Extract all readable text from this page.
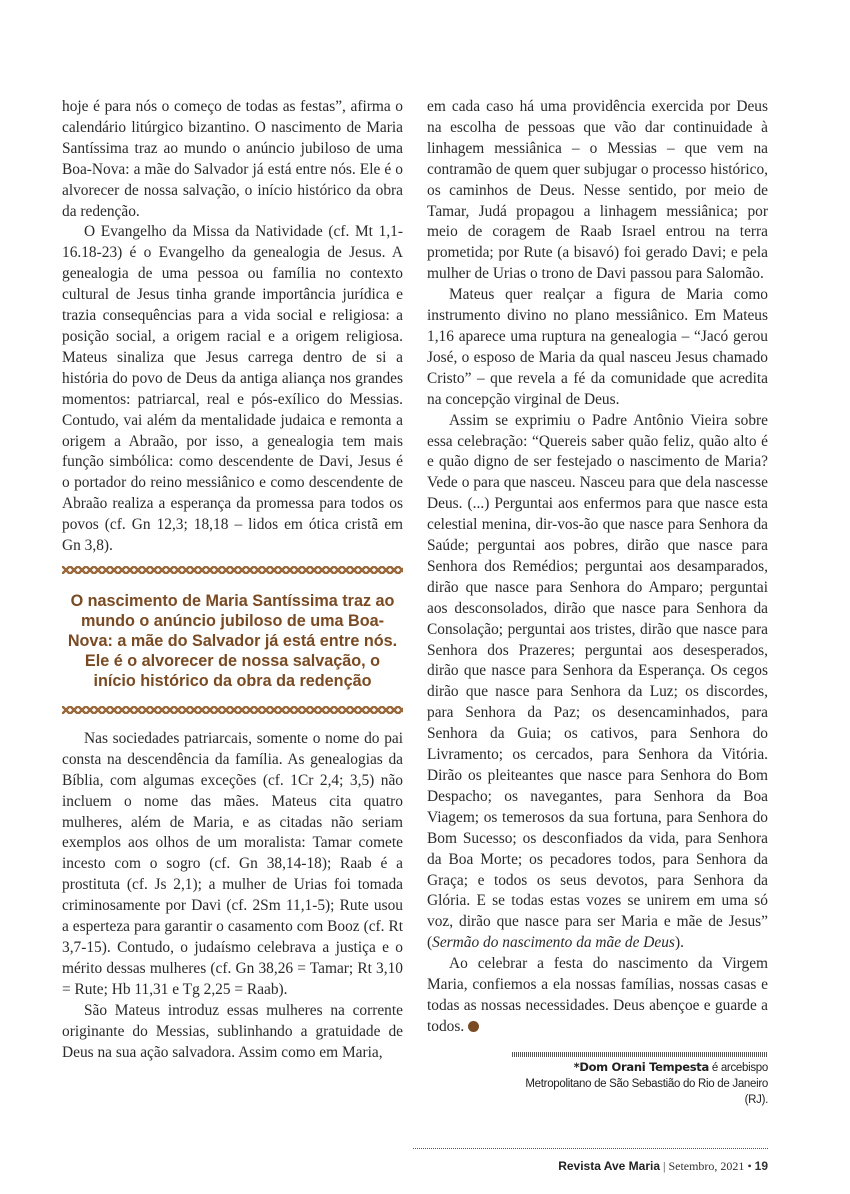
hoje é para nós o começo de todas as festas”, afirma o calendário litúrgico bizantino. O nascimento de Maria Santíssima traz ao mundo o anúncio jubiloso de uma Boa-Nova: a mãe do Salvador já está entre nós. Ele é o alvorecer de nossa salvação, o início histórico da obra da redenção.

O Evangelho da Missa da Natividade (cf. Mt 1,1-16.18-23) é o Evangelho da genealogia de Jesus. A genealogia de uma pessoa ou família no contexto cultural de Jesus tinha grande importância jurídica e trazia consequências para a vida social e religiosa: a posição social, a origem racial e a origem religiosa. Mateus sinaliza que Jesus carrega dentro de si a história do povo de Deus da antiga aliança nos grandes momentos: patriarcal, real e pós-exílico do Messias. Contudo, vai além da mentalidade judaica e remonta a origem a Abraão, por isso, a genealogia tem mais função simbólica: como descendente de Davi, Jesus é o portador do reino messiânico e como descendente de Abraão realiza a esperança da promessa para todos os povos (cf. Gn 12,3; 18,18 – lidos em ótica cristã em Gn 3,8).

O nascimento de Maria Santíssima traz ao mundo o anúncio jubiloso de uma Boa-Nova: a mãe do Salvador já está entre nós. Ele é o alvorecer de nossa salvação, o início histórico da obra da redenção

Nas sociedades patriarcais, somente o nome do pai consta na descendência da família. As genealogias da Bíblia, com algumas exceções (cf. 1Cr 2,4; 3,5) não incluem o nome das mães. Mateus cita quatro mulheres, além de Maria, e as citadas não seriam exemplos aos olhos de um moralista: Tamar comete incesto com o sogro (cf. Gn 38,14-18); Raab é a prostituta (cf. Js 2,1); a mulher de Urias foi tomada criminosamente por Davi (cf. 2Sm 11,1-5); Rute usou a esperteza para garantir o casamento com Booz (cf. Rt 3,7-15). Contudo, o judaísmo celebrava a justiça e o mérito dessas mulheres (cf. Gn 38,26 = Tamar; Rt 3,10 = Rute; Hb 11,31 e Tg 2,25 = Raab).

São Mateus introduz essas mulheres na corrente originante do Messias, sublinhando a gratuidade de Deus na sua ação salvadora. Assim como em Maria,

em cada caso há uma providência exercida por Deus na escolha de pessoas que vão dar continuidade à linhagem messiânica – o Messias – que vem na contramão de quem quer subjugar o processo histórico, os caminhos de Deus. Nesse sentido, por meio de Tamar, Judá propagou a linhagem messiânica; por meio de coragem de Raab Israel entrou na terra prometida; por Rute (a bisavó) foi gerado Davi; e pela mulher de Urias o trono de Davi passou para Salomão.

Mateus quer realçar a figura de Maria como instrumento divino no plano messiânico. Em Mateus 1,16 aparece uma ruptura na genealogia – “Jacó gerou José, o esposo de Maria da qual nasceu Jesus chamado Cristo” – que revela a fé da comunidade que acredita na concepção virginal de Deus.

Assim se exprimiu o Padre Antônio Vieira sobre essa celebração: “Quereis saber quão feliz, quão alto é e quão digno de ser festejado o nascimento de Maria? Vede o para que nasceu. Nasceu para que dela nascesse Deus. (...) Perguntai aos enfermos para que nasce esta celestial menina, dir-vos-ão que nasce para Senhora da Saúde; perguntai aos pobres, dirão que nasce para Senhora dos Remédios; perguntai aos desamparados, dirão que nasce para Senhora do Amparo; perguntai aos desconsolados, dirão que nasce para Senhora da Consolação; perguntai aos tristes, dirão que nasce para Senhora dos Prazeres; perguntai aos desesperados, dirão que nasce para Senhora da Esperança. Os cegos dirão que nasce para Senhora da Luz; os discordes, para Senhora da Paz; os desencaminhados, para Senhora da Guia; os cativos, para Senhora do Livramento; os cercados, para Senhora da Vitória. Dirão os pleiteantes que nasce para Senhora do Bom Despacho; os navegantes, para Senhora da Boa Viagem; os temerosos da sua fortuna, para Senhora do Bom Sucesso; os desconfiados da vida, para Senhora da Boa Morte; os pecadores todos, para Senhora da Graça; e todos os seus devotos, para Senhora da Glória. E se todas estas vozes se unirem em uma só voz, dirão que nasce para ser Maria e mãe de Jesus” (Sermão do nascimento da mãe de Deus).

Ao celebrar a festa do nascimento da Virgem Maria, confiemos a ela nossas famílias, nossas casas e todas as nossas necessidades. Deus abençoe e guarde a todos.

*Dom Orani Tempesta é arcebispo Metropolitano de São Sebastião do Rio de Janeiro (RJ).
Revista Ave Maria | Setembro, 2021 • 19
